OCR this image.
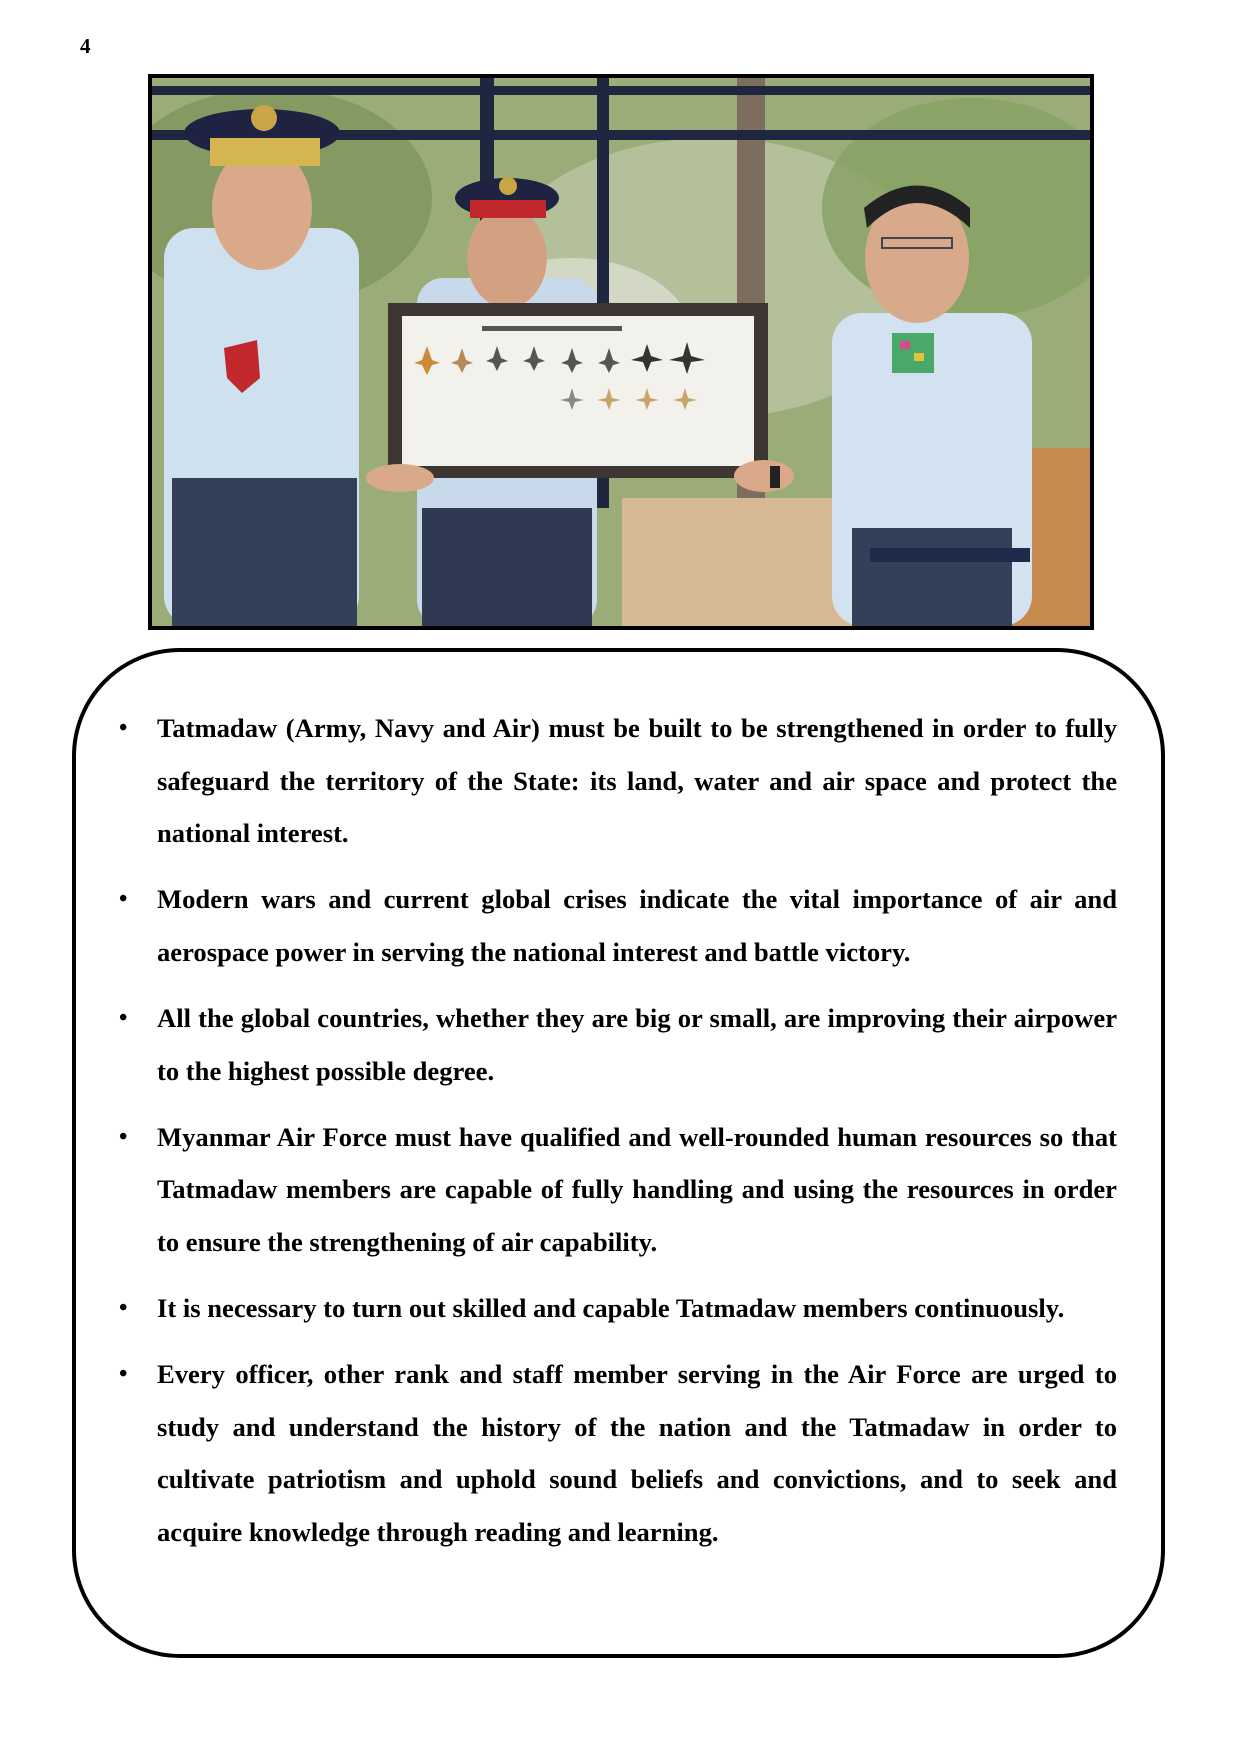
4
• Tatmadaw (Army, Navy and Air) must be built to be strengthened in order to fully safeguard the territory of the State: its land, water and air space and protect the national interest.
• Modern wars and current global crises indicate the vital importance of air and aerospace power in serving the national interest and battle victory.
• All the global countries, whether they are big or small, are improving their airpower to the highest possible degree.
• Myanmar Air Force must have qualified and well-rounded human resources so that Tatmadaw members are capable of fully handling and using the resources in order to ensure the strengthening of air capability.
• It is necessary to turn out skilled and capable Tatmadaw members continuously.
• Every officer, other rank and staff member serving in the Air Force are urged to study and understand the history of the nation and the Tatmadaw in order to cultivate patriotism and uphold sound beliefs and convictions, and to seek and acquire knowledge through reading and learning.
